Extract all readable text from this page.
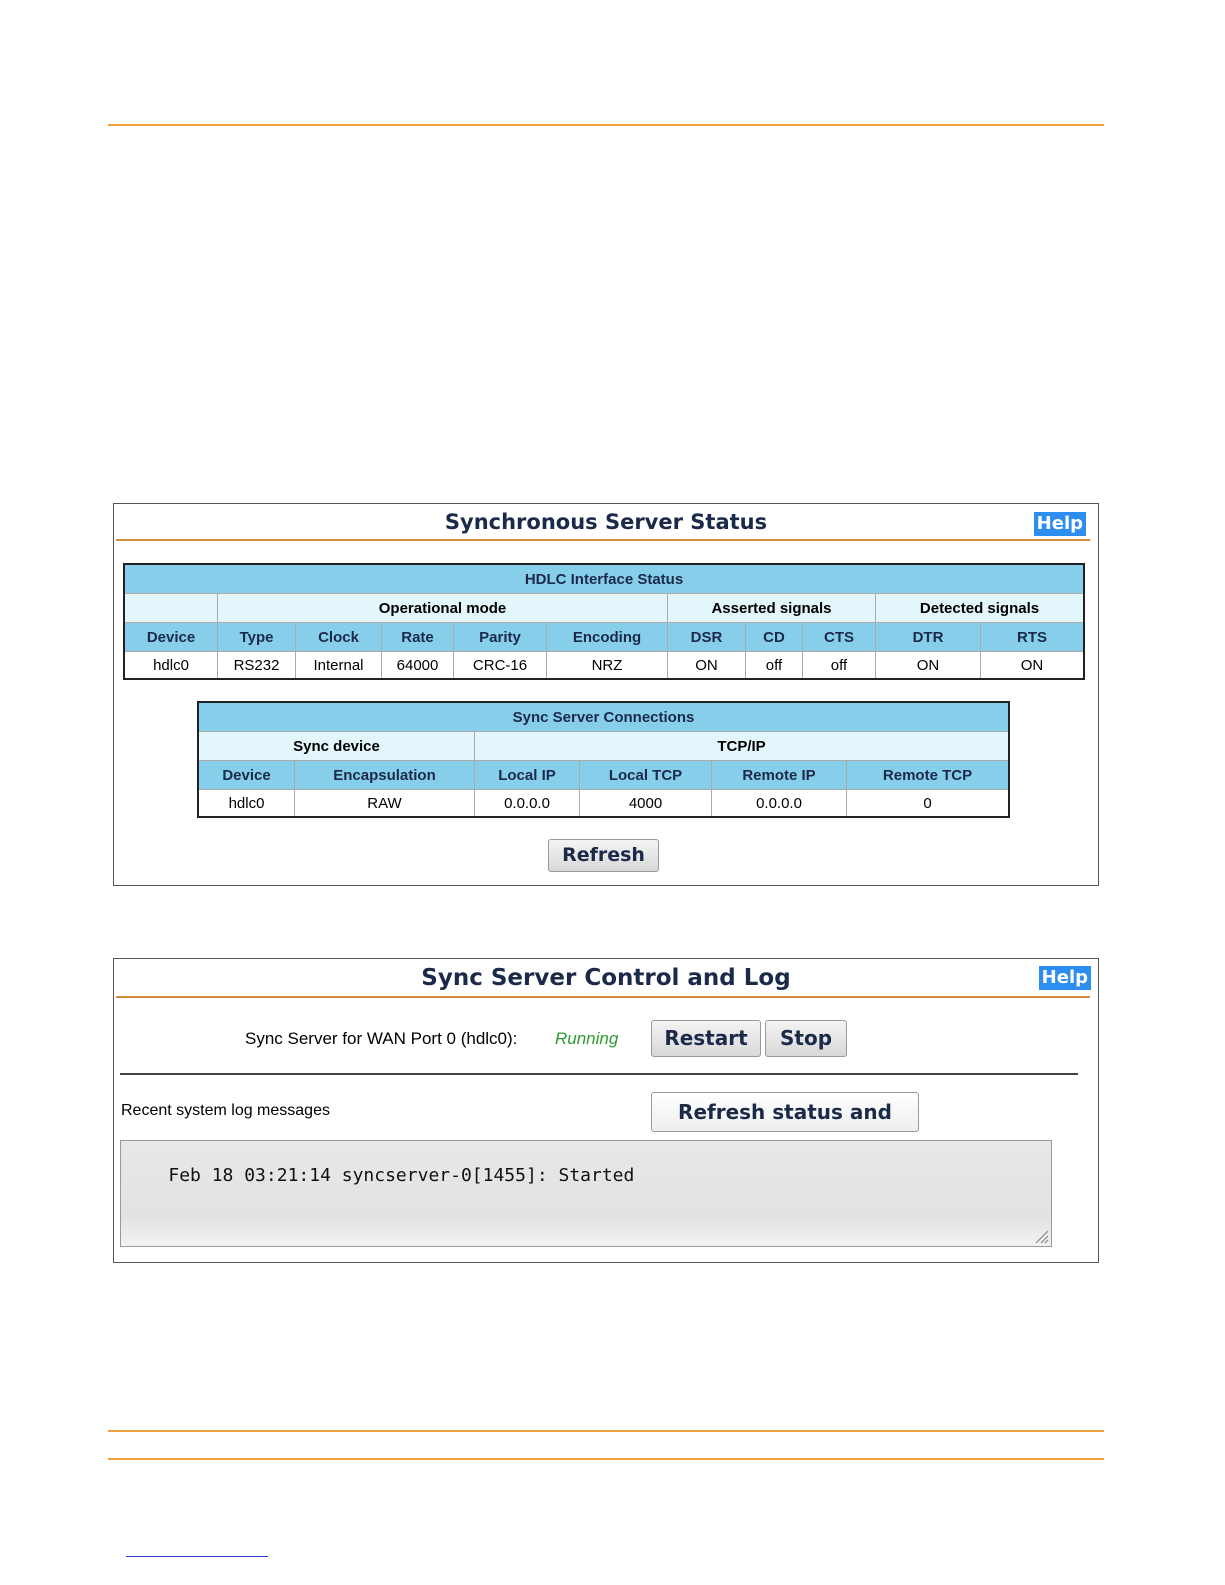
Synchronous Server Status	Help
HDLC Interface Status										
	Operational mode					Asserted signals			Detected signals	
Device	Type	Clock	Rate	Parity	Encoding	DSR	CD	CTS	DTR	RTS
hdlc0	RS232	Internal	64000	CRC-16	NRZ	ON	off	off	ON	ON
Sync Server Connections					
Sync device		TCP/IP			
Device	Encapsulation	Local IP	Local TCP	Remote IP	Remote TCP
hdlc0	RAW	0.0.0.0	4000	0.0.0.0	0
Refresh
Sync Server Control and Log	Help
Sync Server for WAN Port 0 (hdlc0): Running	Restart	Stop
Recent system log messages	Refresh status and

Feb 18 03:21:14 syncserver-0[1455]: Started
